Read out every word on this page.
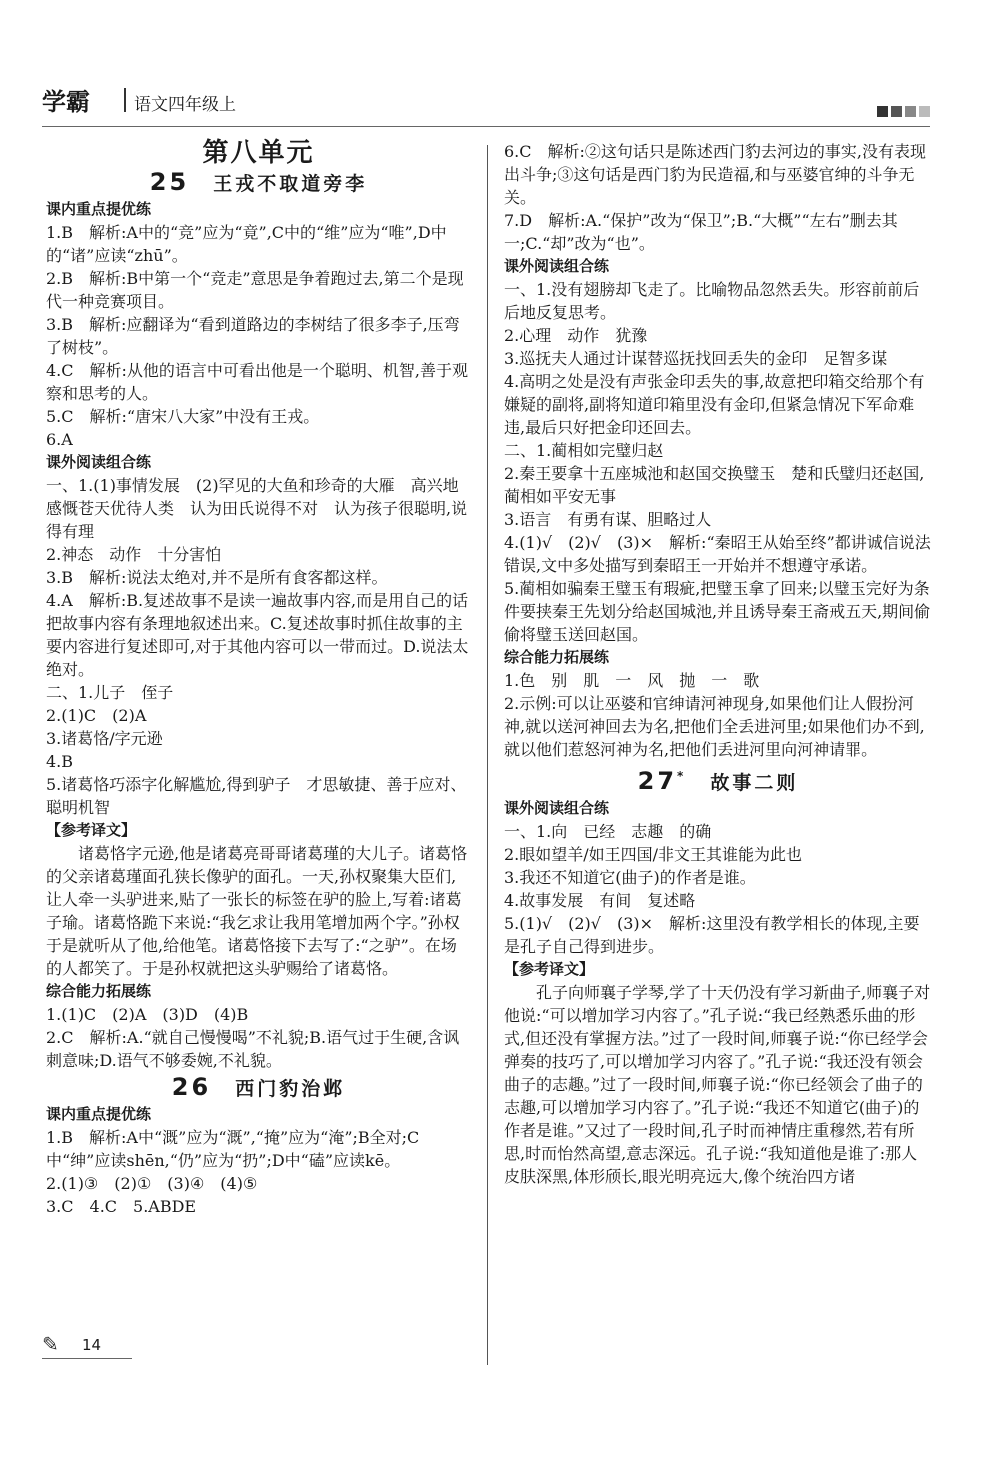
学霸	语文四年级上

第八单元

25 王戎不取道旁李

课内重点提优练

1.B　解析:A中的“竞”应为“竟”,C中的“维”应为“唯”,D中的“诸”应读“zhū”。

2.B　解析:B中第一个“竞走”意思是争着跑过去,第二个是现代一种竞赛项目。

3.B　解析:应翻译为“看到道路边的李树结了很多李子,压弯了树枝”。

4.C　解析:从他的语言中可看出他是一个聪明、机智,善于观察和思考的人。

5.C　解析:“唐宋八大家”中没有王戎。

6.A

课外阅读组合练

一、1.(1)事情发展　(2)罕见的大鱼和珍奇的大雁　高兴地感慨苍天优待人类　认为田氏说得不对　认为孩子很聪明,说得有理

2.神态　动作　十分害怕

3.B　解析:说法太绝对,并不是所有食客都这样。

4.A　解析:B.复述故事不是读一遍故事内容,而是用自己的话把故事内容有条理地叙述出来。C.复述故事时抓住故事的主要内容进行复述即可,对于其他内容可以一带而过。D.说法太绝对。

二、1.儿子　侄子

2.(1)C　(2)A

3.诸葛恪/字元逊

4.B

5.诸葛恪巧添字化解尴尬,得到驴子　才思敏捷、善于应对、聪明机智

【参考译文】

诸葛恪字元逊,他是诸葛亮哥哥诸葛瑾的大儿子。诸葛恪的父亲诸葛瑾面孔狭长像驴的面孔。一天,孙权聚集大臣们,让人牵一头驴进来,贴了一张长的标签在驴的脸上,写着:诸葛子瑜。诸葛恪跪下来说:“我乞求让我用笔增加两个字。”孙权于是就听从了他,给他笔。诸葛恪接下去写了:“之驴”。在场的人都笑了。于是孙权就把这头驴赐给了诸葛恪。

综合能力拓展练

1.(1)C　(2)A　(3)D　(4)B

2.C　解析:A.“就自己慢慢喝”不礼貌;B.语气过于生硬,含讽刺意味;D.语气不够委婉,不礼貌。

26 西门豹治邺

课内重点提优练

1.B　解析:A中“溉”应为“溉”,“掩”应为“淹”;B全对;C中“绅”应读shēn,“仍”应为“扔”;D中“磕”应读kē。

2.(1)③　(2)①　(3)④　(4)⑤

3.C　4.C　5.ABDE

6.C　解析:②这句话只是陈述西门豹去河边的事实,没有表现出斗争;③这句话是西门豹为民造福,和与巫婆官绅的斗争无关。

7.D　解析:A.“保护”改为“保卫”;B.“大概”“左右”删去其一;C.“却”改为“也”。

课外阅读组合练

一、1.没有翅膀却飞走了。比喻物品忽然丢失。形容前前后后地反复思考。

2.心理　动作　犹豫

3.巡抚夫人通过计谋替巡抚找回丢失的金印　足智多谋

4.高明之处是没有声张金印丢失的事,故意把印箱交给那个有嫌疑的副将,副将知道印箱里没有金印,但紧急情况下军命难违,最后只好把金印还回去。

二、1.蔺相如完璧归赵

2.秦王要拿十五座城池和赵国交换璧玉　楚和氏璧归还赵国,蔺相如平安无事

3.语言　有勇有谋、胆略过人

4.(1)√　(2)√　(3)×　解析:“秦昭王从始至终”都讲诚信说法错误,文中多处描写到秦昭王一开始并不想遵守承诺。

5.蔺相如骗秦王璧玉有瑕疵,把璧玉拿了回来;以璧玉完好为条件要挟秦王先划分给赵国城池,并且诱导秦王斋戒五天,期间偷偷将璧玉送回赵国。

综合能力拓展练

1.色　别　肌　一　风　抛　一　歌

2.示例:可以让巫婆和官绅请河神现身,如果他们让人假扮河神,就以送河神回去为名,把他们全丢进河里;如果他们办不到,就以他们惹怒河神为名,把他们丢进河里向河神请罪。

27* 故事二则

课外阅读组合练

一、1.向　已经　志趣　的确

2.眼如望羊/如王四国/非文王其谁能为此也

3.我还不知道它(曲子)的作者是谁。

4.故事发展　有间　复述略

5.(1)√　(2)√　(3)×　解析:这里没有教学相长的体现,主要是孔子自己得到进步。

【参考译文】

孔子向师襄子学琴,学了十天仍没有学习新曲子,师襄子对他说:“可以增加学习内容了。”孔子说:“我已经熟悉乐曲的形式,但还没有掌握方法。”过了一段时间,师襄子说:“你已经学会弹奏的技巧了,可以增加学习内容了。”孔子说:“我还没有领会曲子的志趣。”过了一段时间,师襄子说:“你已经领会了曲子的志趣,可以增加学习内容了。”孔子说:“我还不知道它(曲子)的作者是谁。”又过了一段时间,孔子时而神情庄重穆然,若有所思,时而怡然高望,意志深远。孔子说:“我知道他是谁了:那人皮肤深黑,体形颀长,眼光明亮远大,像个统治四方诸

✎ 14
